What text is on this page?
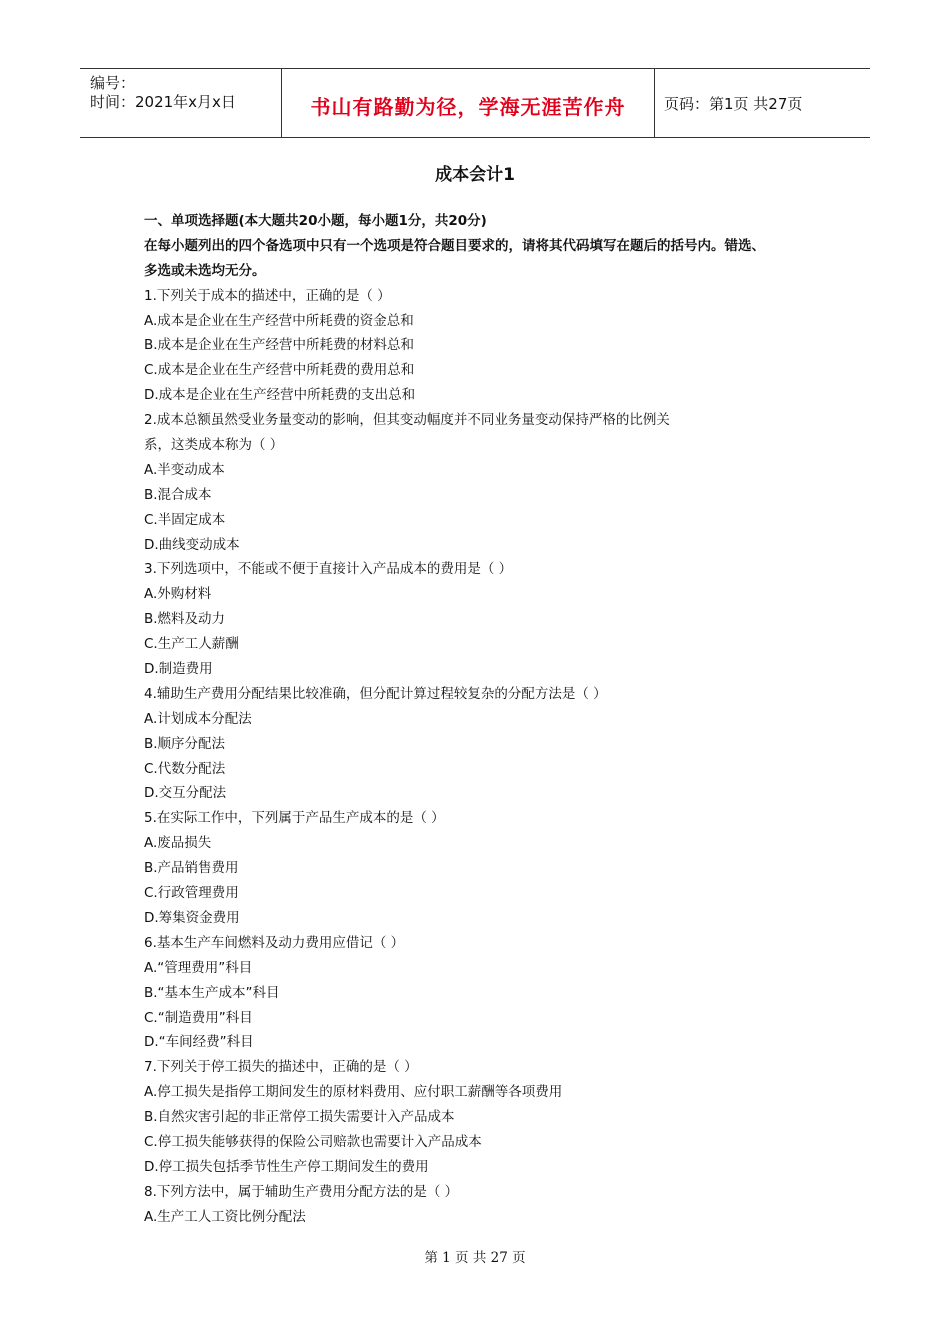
编号：
时间：2021年x月x日	书山有路勤为径，学海无涯苦作舟	页码：第1页 共27页
成本会计1
一、单项选择题(本大题共20小题，每小题1分，共20分)
在每小题列出的四个备选项中只有一个选项是符合题目要求的，请将其代码填写在题后的括号内。错选、
多选或未选均无分。
1.下列关于成本的描述中，正确的是（ ）
A.成本是企业在生产经营中所耗费的资金总和
B.成本是企业在生产经营中所耗费的材料总和
C.成本是企业在生产经营中所耗费的费用总和
D.成本是企业在生产经营中所耗费的支出总和
2.成本总额虽然受业务量变动的影响，但其变动幅度并不同业务量变动保持严格的比例关
系，这类成本称为（ ）
A.半变动成本
B.混合成本
C.半固定成本
D.曲线变动成本
3.下列选项中，不能或不便于直接计入产品成本的费用是（ ）
A.外购材料
B.燃料及动力
C.生产工人薪酬
D.制造费用
4.辅助生产费用分配结果比较准确，但分配计算过程较复杂的分配方法是（ ）
A.计划成本分配法
B.顺序分配法
C.代数分配法
D.交互分配法
5.在实际工作中，下列属于产品生产成本的是（ ）
A.废品损失
B.产品销售费用
C.行政管理费用
D.筹集资金费用
6.基本生产车间燃料及动力费用应借记（ ）
A.“管理费用”科目
B.“基本生产成本”科目
C.“制造费用”科目
D.“车间经费”科目
7.下列关于停工损失的描述中，正确的是（ ）
A.停工损失是指停工期间发生的原材料费用、应付职工薪酬等各项费用
B.自然灾害引起的非正常停工损失需要计入产品成本
C.停工损失能够获得的保险公司赔款也需要计入产品成本
D.停工损失包括季节性生产停工期间发生的费用
8.下列方法中，属于辅助生产费用分配方法的是（ ）
A.生产工人工资比例分配法
第 1 页 共 27 页
